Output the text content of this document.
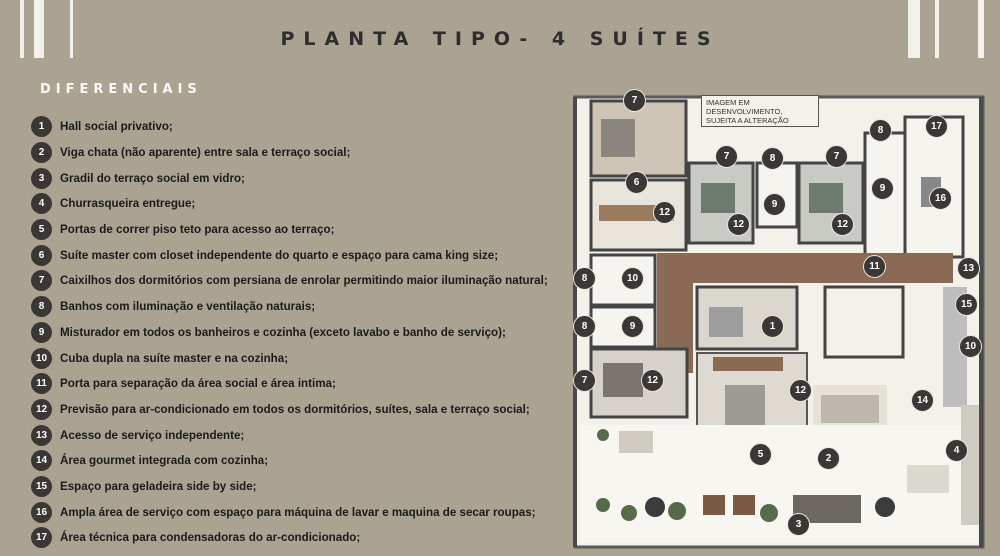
PLANTA TIPO- 4 SUÍTES
DIFERENCIAIS
1	Hall social privativo;
2	Viga chata (não aparente) entre sala e terraço social;
3	Gradil do terraço social em vidro;
4	Churrasqueira entregue;
5	Portas de correr piso teto para acesso ao terraço;
6	Suíte master com closet independente do quarto e espaço para cama king size;
7	Caixilhos dos dormitórios com persiana de enrolar permitindo maior iluminação natural;
8	Banhos com iluminação e ventilação naturais;
9	Misturador em todos os banheiros e cozinha (exceto lavabo e banho de serviço);
10	Cuba dupla na suíte master e na cozinha;
11	Porta para separação da área social e área intima;
12	Previsão para ar-condicionado em todos os dormitórios, suítes, sala e terraço social;
13	Acesso de serviço independente;
14	Área gourmet integrada com cozinha;
15	Espaço para geladeira side by side;
16	Ampla área de serviço com espaço para máquina de lavar e maquina de secar roupas;
17	Área técnica para condensadoras do ar-condicionado;
IMAGEM EM DESENVOLVIMENTO, SUJEITA A ALTERAÇÃO
7
8	17
7	8	7
6
9
16
12
9
12	12
11	13
8	10
15
8	9	1
10
7	12
12
14
5	2
4
3
